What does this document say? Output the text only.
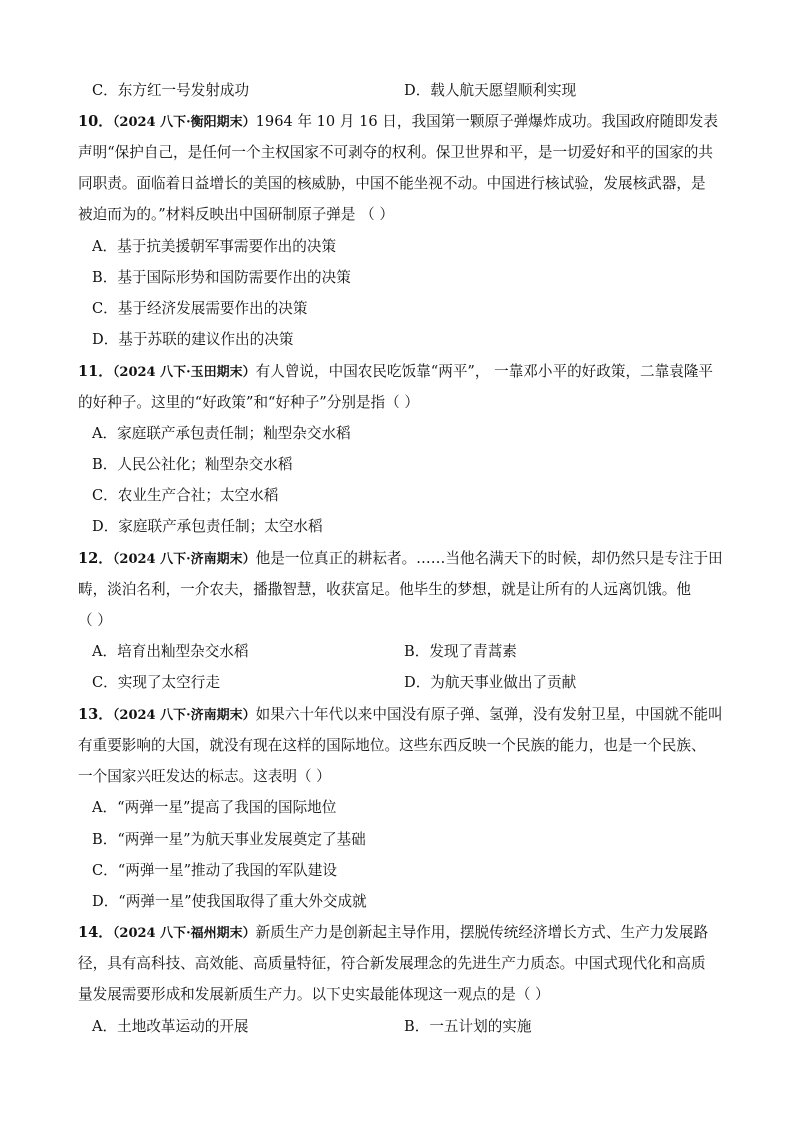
C．东方红一号发射成功	D．载人航天愿望顺利实现
10．（2024 八下·衡阳期末）1964 年 10 月 16 日，我国第一颗原子弹爆炸成功。我国政府随即发表
声明“保护自己，是任何一个主权国家不可剥夺的权利。保卫世界和平，是一切爱好和平的国家的共
同职责。面临着日益增长的美国的核威胁，中国不能坐视不动。中国进行核试验，发展核武器，是
被迫而为的。”材料反映出中国研制原子弹是 （ ）
A．基于抗美援朝军事需要作出的决策
B．基于国际形势和国防需要作出的决策
C．基于经济发展需要作出的决策
D．基于苏联的建议作出的决策
11．（2024 八下·玉田期末）有人曾说，中国农民吃饭靠“两平”， 一靠邓小平的好政策，二靠袁隆平
的好种子。这里的“好政策”和“好种子”分别是指（ ）
A．家庭联产承包责任制；籼型杂交水稻
B．人民公社化；籼型杂交水稻
C．农业生产合社；太空水稻
D．家庭联产承包责任制；太空水稻
12．（2024 八下·济南期末）他是一位真正的耕耘者。……当他名满天下的时候，却仍然只是专注于田
畴，淡泊名利，一介农夫，播撒智慧，收获富足。他毕生的梦想，就是让所有的人远离饥饿。他
（ ）
A．培育出籼型杂交水稻	B．发现了青蒿素
C．实现了太空行走	D．为航天事业做出了贡献
13．（2024 八下·济南期末）如果六十年代以来中国没有原子弹、氢弹，没有发射卫星，中国就不能叫
有重要影响的大国，就没有现在这样的国际地位。这些东西反映一个民族的能力，也是一个民族、
一个国家兴旺发达的标志。这表明（ ）
A．“两弹一星”提高了我国的国际地位
B．“两弹一星”为航天事业发展奠定了基础
C．“两弹一星”推动了我国的军队建设
D．“两弹一星”使我国取得了重大外交成就
14．（2024 八下·福州期末）新质生产力是创新起主导作用，摆脱传统经济增长方式、生产力发展路
径，具有高科技、高效能、高质量特征，符合新发展理念的先进生产力质态。中国式现代化和高质
量发展需要形成和发展新质生产力。以下史实最能体现这一观点的是（ ）
A．土地改革运动的开展	B．一五计划的实施
